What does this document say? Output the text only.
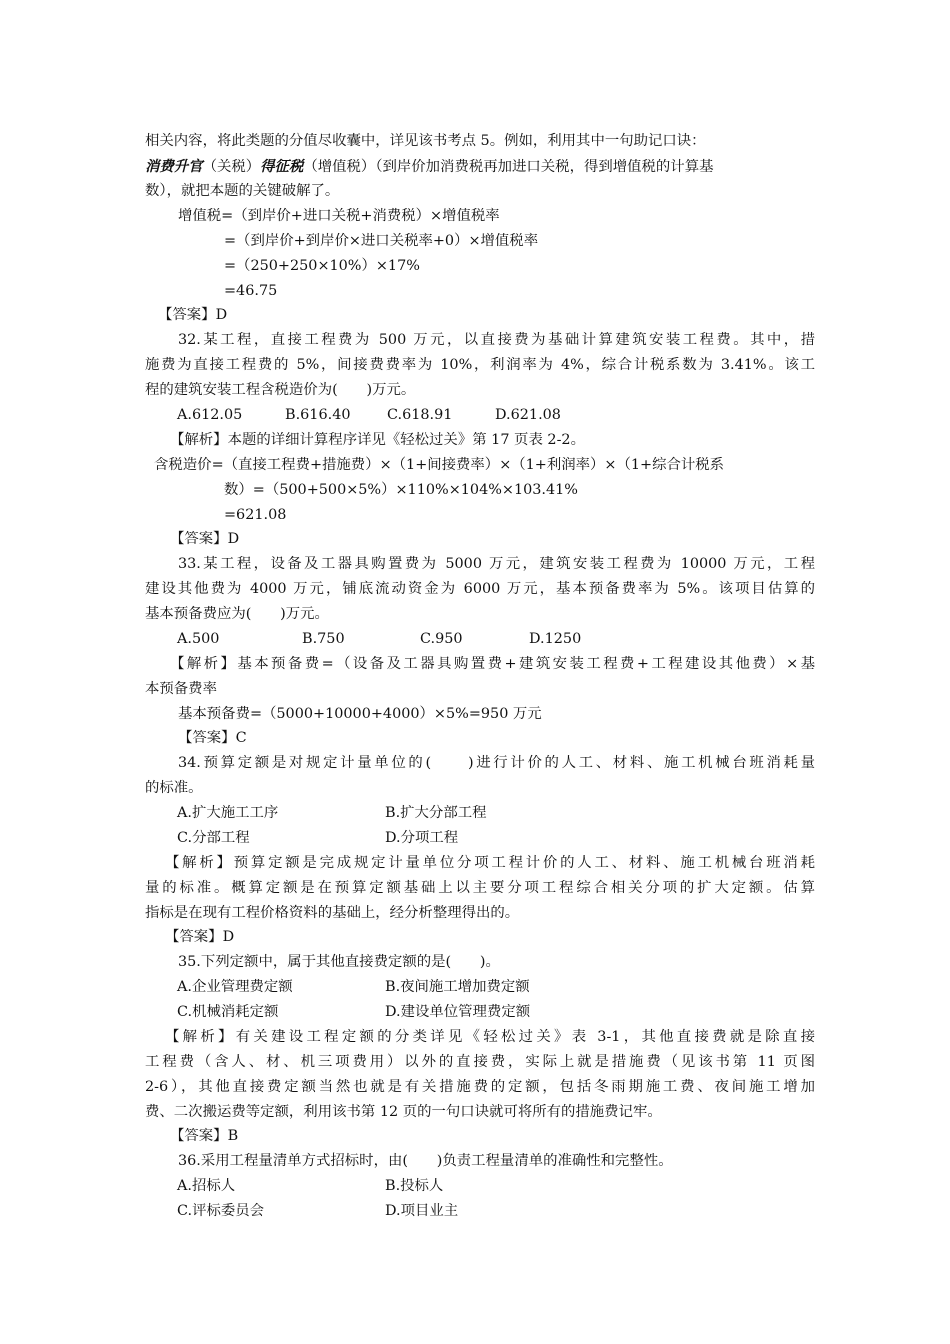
相关内容，将此类题的分值尽收囊中，详见该书考点 5。例如，利用其中一句助记口诀：
消费升官（关税）得征税（增值税）（到岸价加消费税再加进口关税，得到增值税的计算基
数），就把本题的关键破解了。
增值税=（到岸价+进口关税+消费税）×增值税率
=（到岸价+到岸价×进口关税率+0）×增值税率
=（250+250×10%）×17%
=46.75
【答案】D
32.某工程，直接工程费为 500 万元，以直接费为基础计算建筑安装工程费。其中，措
施费为直接工程费的 5%，间接费费率为 10%，利润率为 4%，综合计税系数为 3.41%。该工
程的建筑安装工程含税造价为(　　)万元。
A.612.05	B.616.40	C.618.91	D.621.08
【解析】本题的详细计算程序详见《轻松过关》第 17 页表 2-2。
含税造价=（直接工程费+措施费）×（1+间接费率）×（1+利润率）×（1+综合计税系
数）=（500+500×5%）×110%×104%×103.41%
=621.08
【答案】D
33.某工程，设备及工器具购置费为 5000 万元，建筑安装工程费为 10000 万元，工程
建设其他费为 4000 万元，铺底流动资金为 6000 万元，基本预备费率为 5%。该项目估算的
基本预备费应为(　　)万元。
A.500	B.750	C.950	D.1250
【解析】基本预备费=（设备及工器具购置费+建筑安装工程费+工程建设其他费）×基
本预备费率
基本预备费=（5000+10000+4000）×5%=950 万元
【答案】C
34.预算定额是对规定计量单位的(　　)进行计价的人工、材料、施工机械台班消耗量
的标准。
A.扩大施工工序	B.扩大分部工程
C.分部工程	D.分项工程
【解析】预算定额是完成规定计量单位分项工程计价的人工、材料、施工机械台班消耗
量的标准。概算定额是在预算定额基础上以主要分项工程综合相关分项的扩大定额。估算
指标是在现有工程价格资料的基础上，经分析整理得出的。
【答案】D
35.下列定额中，属于其他直接费定额的是(　　)。
A.企业管理费定额	B.夜间施工增加费定额
C.机械消耗定额	D.建设单位管理费定额
【解析】有关建设工程定额的分类详见《轻松过关》表 3-1，其他直接费就是除直接
工程费（含人、材、机三项费用）以外的直接费，实际上就是措施费（见该书第 11 页图
2-6），其他直接费定额当然也就是有关措施费的定额，包括冬雨期施工费、夜间施工增加
费、二次搬运费等定额，利用该书第 12 页的一句口诀就可将所有的措施费记牢。
【答案】B
36.采用工程量清单方式招标时，由(　　)负责工程量清单的准确性和完整性。
A.招标人	B.投标人
C.评标委员会	D.项目业主
